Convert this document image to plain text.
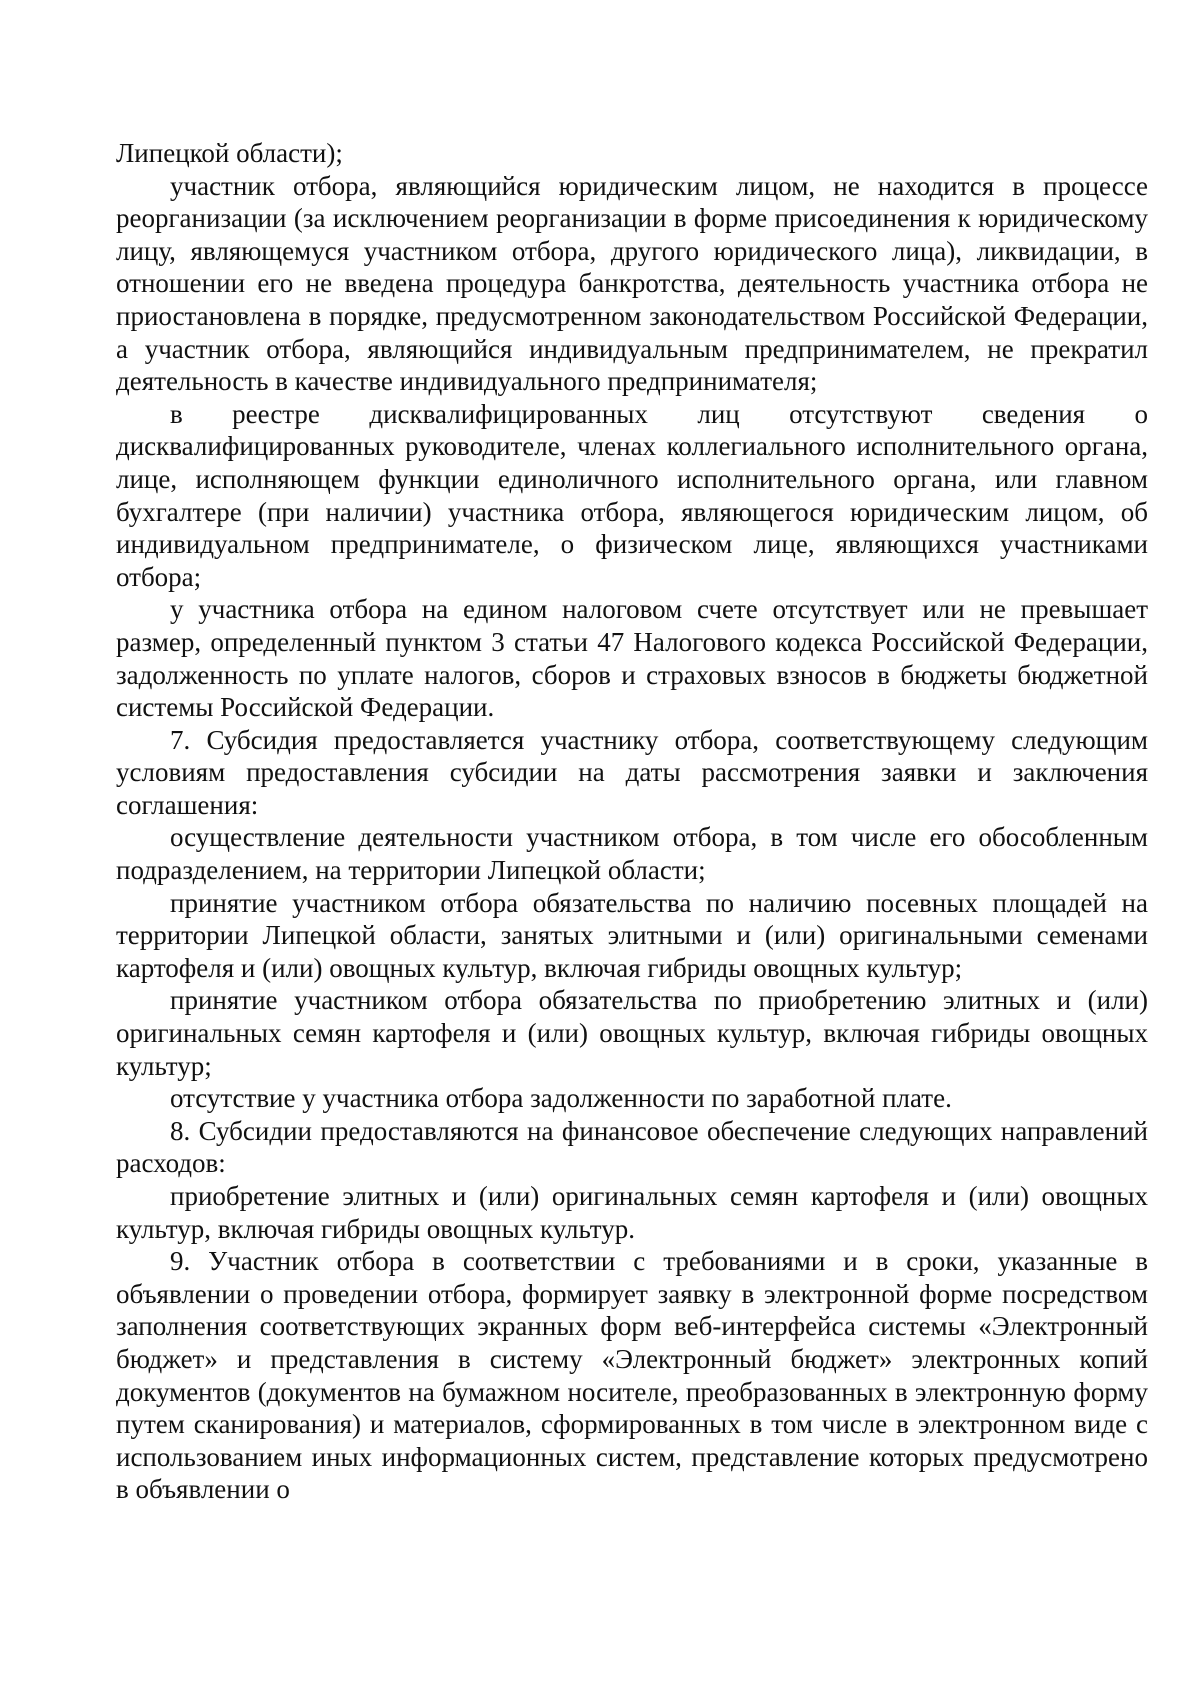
Липецкой области);

участник отбора, являющийся юридическим лицом, не находится в процессе реорганизации (за исключением реорганизации в форме присоединения к юридическому лицу, являющемуся участником отбора, другого юридического лица), ликвидации, в отношении его не введена процедура банкротства, деятельность участника отбора не приостановлена в порядке, предусмотренном законодательством Российской Федерации, а участник отбора, являющийся индивидуальным предпринимателем, не прекратил деятельность в качестве индивидуального предпринимателя;

в реестре дисквалифицированных лиц отсутствуют сведения о дисквалифицированных руководителе, членах коллегиального исполнительного органа, лице, исполняющем функции единоличного исполнительного органа, или главном бухгалтере (при наличии) участника отбора, являющегося юридическим лицом, об индивидуальном предпринимателе, о физическом лице, являющихся участниками отбора;

у участника отбора на едином налоговом счете отсутствует или не превышает размер, определенный пунктом 3 статьи 47 Налогового кодекса Российской Федерации, задолженность по уплате налогов, сборов и страховых взносов в бюджеты бюджетной системы Российской Федерации.

7. Субсидия предоставляется участнику отбора, соответствующему следующим условиям предоставления субсидии на даты рассмотрения заявки и заключения соглашения:

осуществление деятельности участником отбора, в том числе его обособленным подразделением, на территории Липецкой области;

принятие участником отбора обязательства по наличию посевных площадей на территории Липецкой области, занятых элитными и (или) оригинальными семенами картофеля и (или) овощных культур, включая гибриды овощных культур;

принятие участником отбора обязательства по приобретению элитных и (или) оригинальных семян картофеля и (или) овощных культур, включая гибриды овощных культур;

отсутствие у участника отбора задолженности по заработной плате.

8. Субсидии предоставляются на финансовое обеспечение следующих направлений расходов:

приобретение элитных и (или) оригинальных семян картофеля и (или) овощных культур, включая гибриды овощных культур.

9. Участник отбора в соответствии с требованиями и в сроки, указанные в объявлении о проведении отбора, формирует заявку в электронной форме посредством заполнения соответствующих экранных форм веб-интерфейса системы «Электронный бюджет» и представления в систему «Электронный бюджет» электронных копий документов (документов на бумажном носителе, преобразованных в электронную форму путем сканирования) и материалов, сформированных в том числе в электронном виде с использованием иных информационных систем, представление которых предусмотрено в объявлении о
